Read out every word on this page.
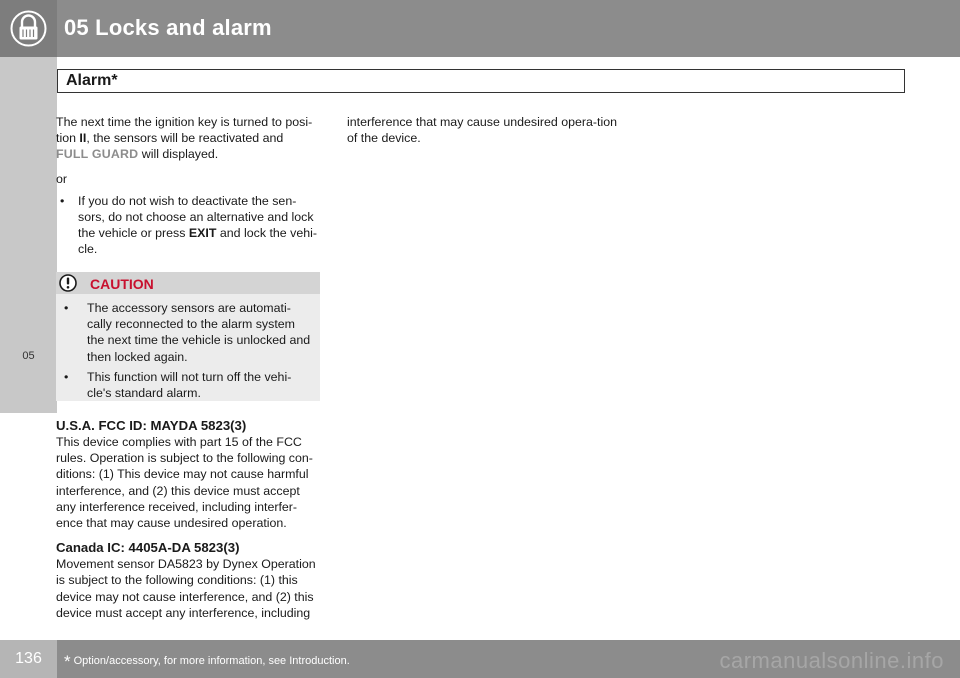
05 Locks and alarm
05
Alarm*

The next time the ignition key is turned to posi-tion II, the sensors will be reactivated and
FULL GUARD will displayed.

or

• If you do not wish to deactivate the sen-sors, do not choose an alternative and lock the vehicle or press EXIT and lock the vehi-cle.
U.S.A. FCC ID: MAYDA 5823(3)

This device complies with part 15 of the FCC rules. Operation is subject to the following con-ditions: (1) This device may not cause harmful interference, and (2) this device must accept any interference received, including interfer-ence that may cause undesired operation.

Canada IC: 4405A-DA 5823(3)

Movement sensor DA5823 by Dynex Operation is subject to the following conditions: (1) this device may not cause interference, and (2) this device must accept any interference, including

CAUTION
• The accessory sensors are automati-cally reconnected to the alarm system the next time the vehicle is unlocked and then locked again.
• This function will not turn off the vehi-cle's standard alarm.

interference that may cause undesired opera-tion of the device.

136	* Option/accessory, for more information, see Introduction.	carmanualsonline.info
